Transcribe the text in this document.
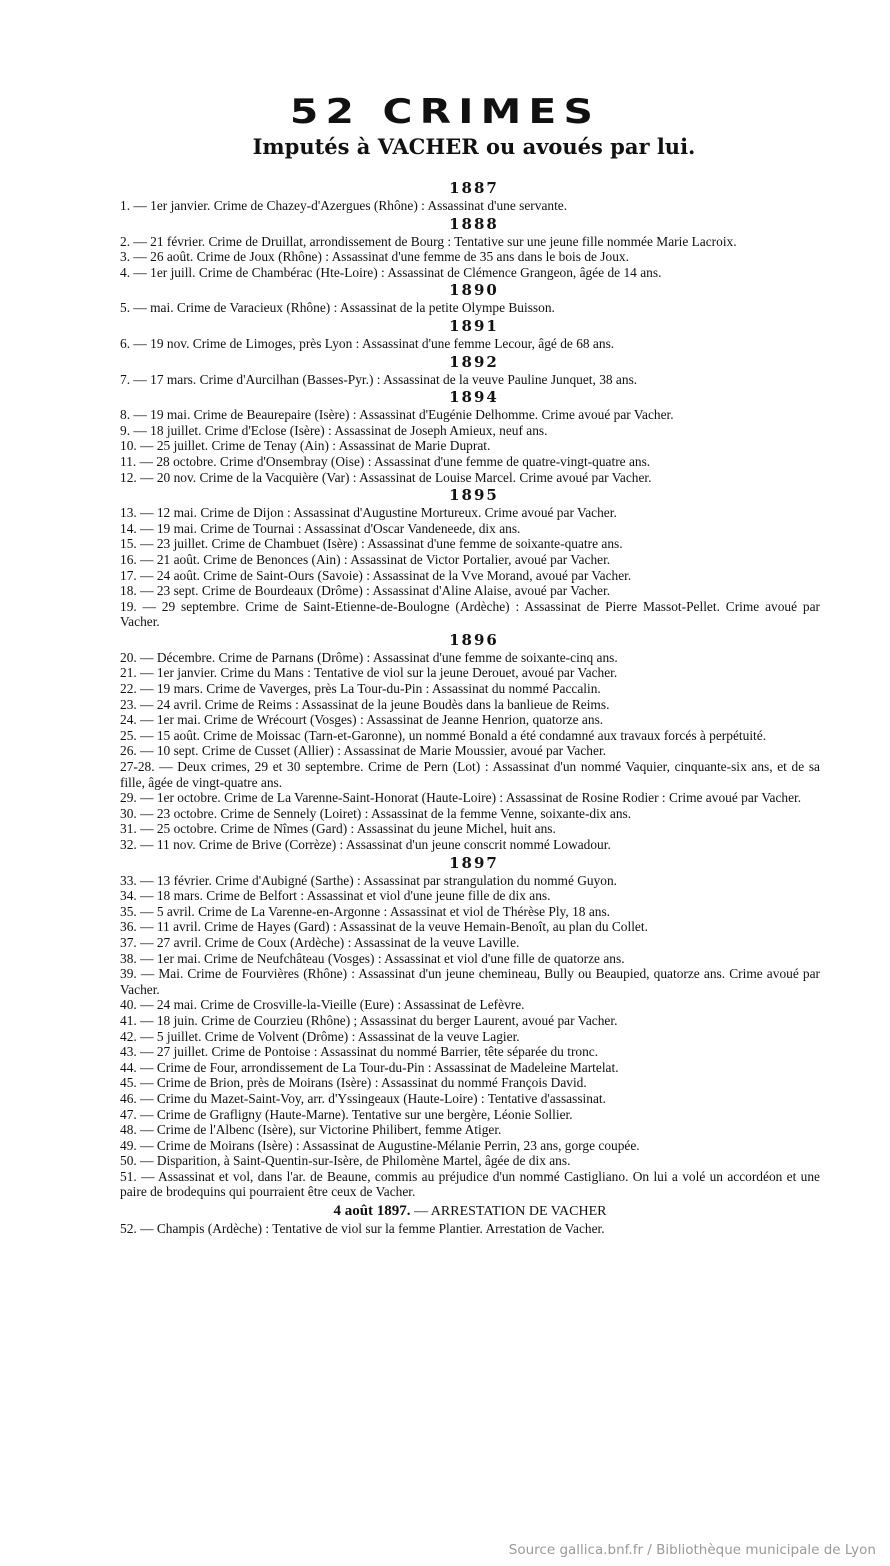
52 CRIMES
Imputés à VACHER ou avoués par lui.
1887
1. — 1er janvier. Crime de Chazey-d'Azergues (Rhône) : Assassinat d'une servante.
1888
2. — 21 février. Crime de Druillat, arrondissement de Bourg : Tentative sur une jeune fille nommée Marie Lacroix.
3. — 26 août. Crime de Joux (Rhône) : Assassinat d'une femme de 35 ans dans le bois de Joux.
4. — 1er juill. Crime de Chambérac (Hte-Loire) : Assassinat de Clémence Grangeon, âgée de 14 ans.
1890
5. — mai. Crime de Varacieux (Rhône) : Assassinat de la petite Olympe Buisson.
1891
6. — 19 nov. Crime de Limoges, près Lyon : Assassinat d'une femme Lecour, âgé de 68 ans.
1892
7. — 17 mars. Crime d'Aurcilhan (Basses-Pyr.) : Assassinat de la veuve Pauline Junquet, 38 ans.
1894
8. — 19 mai. Crime de Beaurepaire (Isère) : Assassinat d'Eugénie Delhomme. Crime avoué par Vacher.
9. — 18 juillet. Crime d'Eclose (Isère) : Assassinat de Joseph Amieux, neuf ans.
10. — 25 juillet. Crime de Tenay (Ain) : Assassinat de Marie Duprat.
11. — 28 octobre. Crime d'Onsembray (Oise) : Assassinat d'une femme de quatre-vingt-quatre ans.
12. — 20 nov. Crime de la Vacquière (Var) : Assassinat de Louise Marcel. Crime avoué par Vacher.
1895
13. — 12 mai. Crime de Dijon : Assassinat d'Augustine Mortureux. Crime avoué par Vacher.
14. — 19 mai. Crime de Tournai : Assassinat d'Oscar Vandeneede, dix ans.
15. — 23 juillet. Crime de Chambuet (Isère) : Assassinat d'une femme de soixante-quatre ans.
16. — 21 août. Crime de Benonces (Ain) : Assassinat de Victor Portalier, avoué par Vacher.
17. — 24 août. Crime de Saint-Ours (Savoie) : Assassinat de la Vve Morand, avoué par Vacher.
18. — 23 sept. Crime de Bourdeaux (Drôme) : Assassinat d'Aline Alaise, avoué par Vacher.
19. — 29 septembre. Crime de Saint-Etienne-de-Boulogne (Ardèche) : Assassinat de Pierre Massot-Pellet. Crime avoué par Vacher.
1896
20. — Décembre. Crime de Parnans (Drôme) : Assassinat d'une femme de soixante-cinq ans.
21. — 1er janvier. Crime du Mans : Tentative de viol sur la jeune Derouet, avoué par Vacher.
22. — 19 mars. Crime de Vaverges, près La Tour-du-Pin : Assassinat du nommé Paccalin.
23. — 24 avril. Crime de Reims : Assassinat de la jeune Boudès dans la banlieue de Reims.
24. — 1er mai. Crime de Wrécourt (Vosges) : Assassinat de Jeanne Henrion, quatorze ans.
25. — 15 août. Crime de Moissac (Tarn-et-Garonne), un nommé Bonald a été condamné aux travaux forcés à perpétuité.
26. — 10 sept. Crime de Cusset (Allier) : Assassinat de Marie Moussier, avoué par Vacher.
27-28. — Deux crimes, 29 et 30 septembre. Crime de Pern (Lot) : Assassinat d'un nommé Vaquier, cinquante-six ans, et de sa fille, âgée de vingt-quatre ans.
29. — 1er octobre. Crime de La Varenne-Saint-Honorat (Haute-Loire) : Assassinat de Rosine Rodier : Crime avoué par Vacher.
30. — 23 octobre. Crime de Sennely (Loiret) : Assassinat de la femme Venne, soixante-dix ans.
31. — 25 octobre. Crime de Nîmes (Gard) : Assassinat du jeune Michel, huit ans.
32. — 11 nov. Crime de Brive (Corrèze) : Assassinat d'un jeune conscrit nommé Lowadour.
1897
33. — 13 février. Crime d'Aubigné (Sarthe) : Assassinat par strangulation du nommé Guyon.
34. — 18 mars. Crime de Belfort : Assassinat et viol d'une jeune fille de dix ans.
35. — 5 avril. Crime de La Varenne-en-Argonne : Assassinat et viol de Thérèse Ply, 18 ans.
36. — 11 avril. Crime de Hayes (Gard) : Assassinat de la veuve Hemain-Benoît, au plan du Collet.
37. — 27 avril. Crime de Coux (Ardèche) : Assassinat de la veuve Laville.
38. — 1er mai. Crime de Neufchâteau (Vosges) : Assassinat et viol d'une fille de quatorze ans.
39. — Mai. Crime de Fourvières (Rhône) : Assassinat d'un jeune chemineau, Bully ou Beaupied, quatorze ans. Crime avoué par Vacher.
40. — 24 mai. Crime de Crosville-la-Vieille (Eure) : Assassinat de Lefèvre.
41. — 18 juin. Crime de Courzieu (Rhône) ; Assassinat du berger Laurent, avoué par Vacher.
42. — 5 juillet. Crime de Volvent (Drôme) : Assassinat de la veuve Lagier.
43. — 27 juillet. Crime de Pontoise : Assassinat du nommé Barrier, tête séparée du tronc.
44. — Crime de Four, arrondissement de La Tour-du-Pin : Assassinat de Madeleine Martelat.
45. — Crime de Brion, près de Moirans (Isère) : Assassinat du nommé François David.
46. — Crime du Mazet-Saint-Voy, arr. d'Yssingeaux (Haute-Loire) : Tentative d'assassinat.
47. — Crime de Grafligny (Haute-Marne). Tentative sur une bergère, Léonie Sollier.
48. — Crime de l'Albenc (Isère), sur Victorine Philibert, femme Atiger.
49. — Crime de Moirans (Isère) : Assassinat de Augustine-Mélanie Perrin, 23 ans, gorge coupée.
50. — Disparition, à Saint-Quentin-sur-Isère, de Philomène Martel, âgée de dix ans.
51. — Assassinat et vol, dans l'ar. de Beaune, commis au préjudice d'un nommé Castigliano. On lui a volé un accordéon et une paire de brodequins qui pourraient être ceux de Vacher.
4 août 1897. — ARRESTATION DE VACHER
52. — Champis (Ardèche) : Tentative de viol sur la femme Plantier. Arrestation de Vacher.
Source gallica.bnf.fr / Bibliothèque municipale de Lyon
